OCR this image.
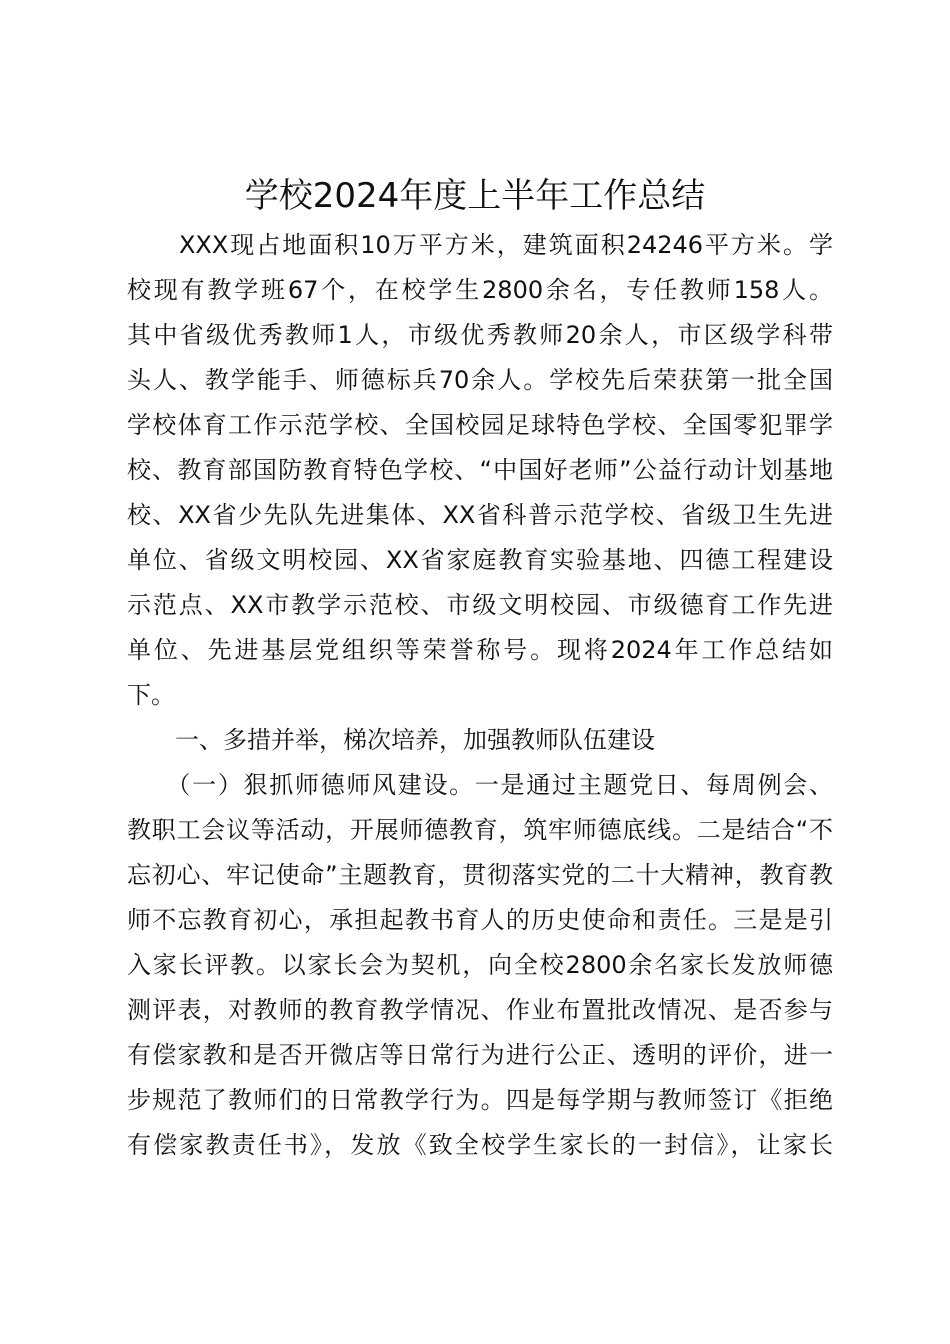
学校2024年度上半年工作总结
　　XXX现占地面积10万平方米，建筑面积24246平方米。学
校现有教学班67个，在校学生2800余名，专任教师158人。
其中省级优秀教师1人，市级优秀教师20余人，市区级学科带
头人、教学能手、师德标兵70余人。学校先后荣获第一批全国
学校体育工作示范学校、全国校园足球特色学校、全国零犯罪学
校、教育部国防教育特色学校、“中国好老师”公益行动计划基地
校、XX省少先队先进集体、XX省科普示范学校、省级卫生先进
单位、省级文明校园、XX省家庭教育实验基地、四德工程建设
示范点、XX市教学示范校、市级文明校园、市级德育工作先进
单位、先进基层党组织等荣誉称号。现将2024年工作总结如
下。
　　一、多措并举，梯次培养，加强教师队伍建设
　　（一）狠抓师德师风建设。一是通过主题党日、每周例会、
教职工会议等活动，开展师德教育，筑牢师德底线。二是结合“不
忘初心、牢记使命”主题教育，贯彻落实党的二十大精神，教育教
师不忘教育初心，承担起教书育人的历史使命和责任。三是是引
入家长评教。以家长会为契机，向全校2800余名家长发放师德
测评表，对教师的教育教学情况、作业布置批改情况、是否参与
有偿家教和是否开微店等日常行为进行公正、透明的评价，进一
步规范了教师们的日常教学行为。四是每学期与教师签订《拒绝
有偿家教责任书》，发放《致全校学生家长的一封信》，让家长
